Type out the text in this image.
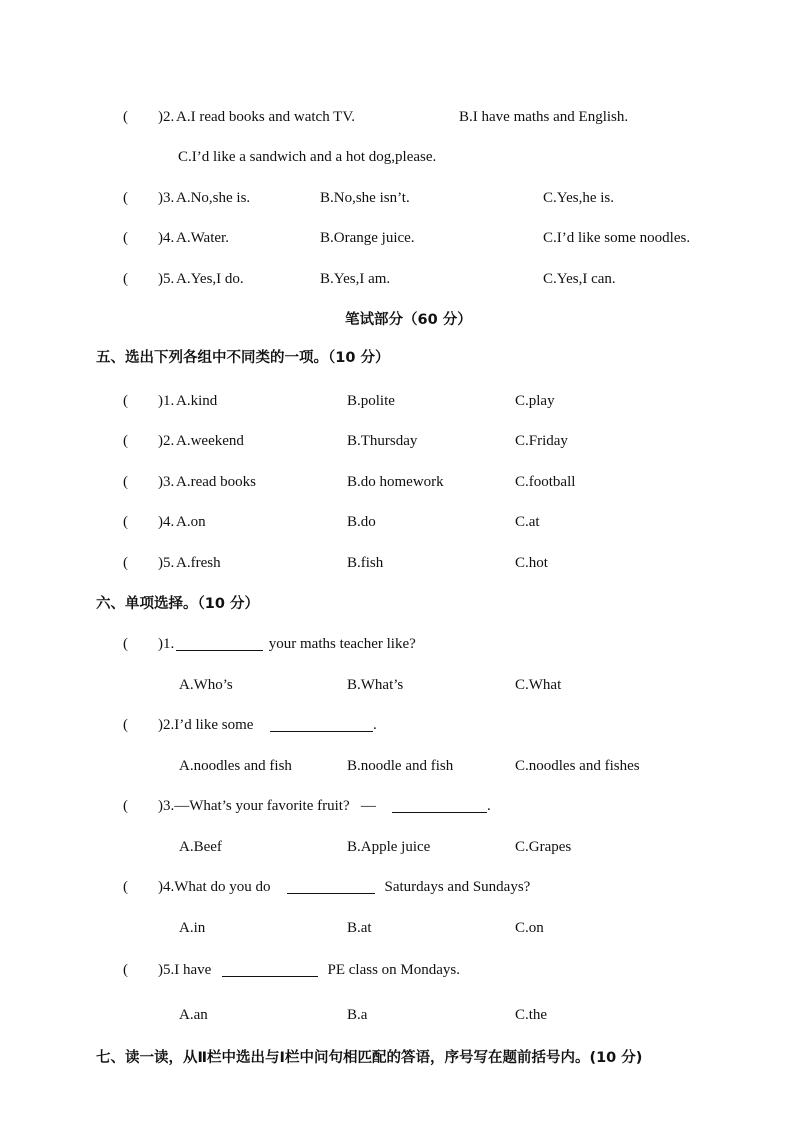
( )2. A.I read books and watch TV.	B.I have maths and English.
C.I’d like a sandwich and a hot dog,please.
( )3. A.No,she is.	B.No,she isn’t.	C.Yes,he is.
( )4. A.Water.	B.Orange juice.	C.I’d like some noodles.
( )5. A.Yes,I do.	B.Yes,I am.	C.Yes,I can.
笔试部分（60 分）
五、选出下列各组中不同类的一项。（10 分）
( )1. A.kind	B.polite	C.play
( )2. A.weekend	B.Thursday	C.Friday
( )3. A.read books	B.do homework	C.football
( )4. A.on	B.do	C.at
( )5. A.fresh	B.fish	C.hot
六、单项选择。（10 分）
( )1.	your maths teacher like?
A.Who’s	B.What’s	C.What
( )2.I’d like some	.
A.noodles and fish	B.noodle and fish	C.noodles and fishes
( )3.—What’s your favorite fruit?   —	.
A.Beef	B.Apple juice	C.Grapes
( )4.What do you do	Saturdays and Sundays?
A.in	B.at	C.on
( )5.I have	PE class on Mondays.
A.an	B.a	C.the
七、读一读，从Ⅱ栏中选出与Ⅰ栏中问句相匹配的答语，序号写在题前括号内。(10 分)
